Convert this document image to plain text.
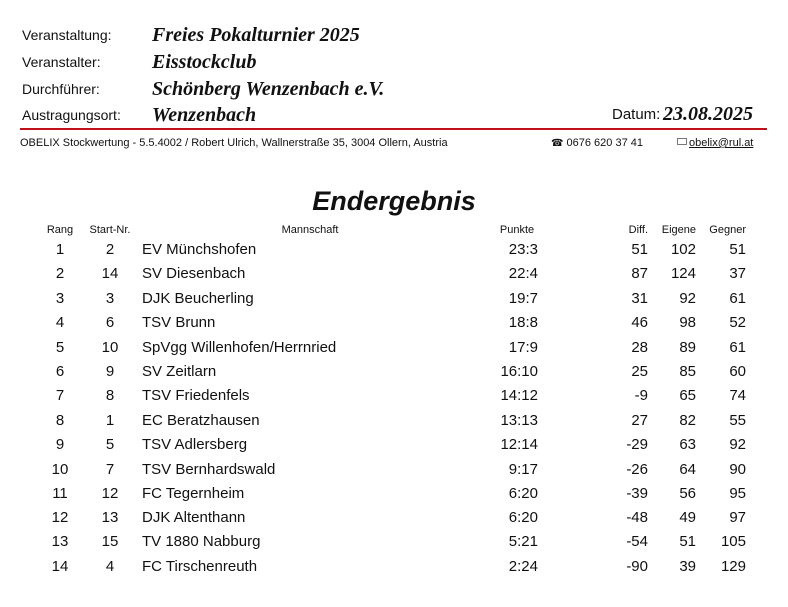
Veranstaltung: Freies Pokalturnier 2025
Veranstalter:	Eisstockclub
Durchführer:	Schönberg Wenzenbach e.V.
Austragungsort: Wenzenbach	Datum: 23.08.2025
OBELIX Stockwertung - 5.5.4002 / Robert Ulrich, Wallnerstraße 35, 3004 Ollern, Austria	☎ 0676 620 37 41	obelix@rul.at
Endergebnis
Rang	Start-Nr.	Mannschaft	Punkte	Diff.	Eigene	Gegner
1	2	EV Münchshofen	23:3	51	102	51
2	14	SV Diesenbach	22:4	87	124	37
3	3	DJK Beucherling	19:7	31	92	61
4	6	TSV Brunn	18:8	46	98	52
5	10	SpVgg Willenhofen/Herrnried	17:9	28	89	61
6	9	SV Zeitlarn	16:10	25	85	60
7	8	TSV Friedenfels	14:12	-9	65	74
8	1	EC Beratzhausen	13:13	27	82	55
9	5	TSV Adlersberg	12:14	-29	63	92
10	7	TSV Bernhardswald	9:17	-26	64	90
11	12	FC Tegernheim	6:20	-39	56	95
12	13	DJK Altenthann	6:20	-48	49	97
13	15	TV 1880 Nabburg	5:21	-54	51	105
14	4	FC Tirschenreuth	2:24	-90	39	129
